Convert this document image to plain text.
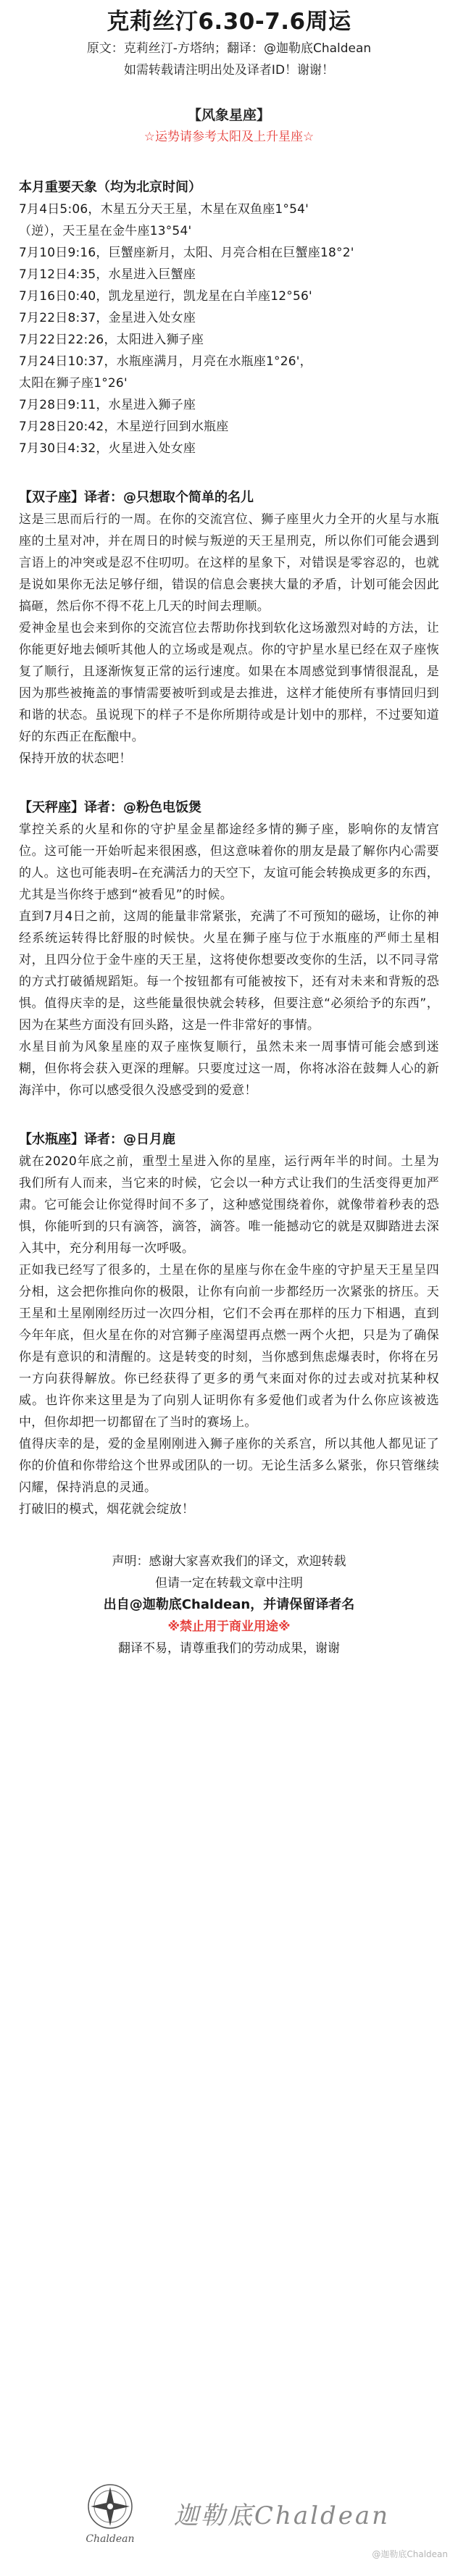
克莉丝汀6.30-7.6周运
原文：克莉丝汀-方塔纳；翻译：@迦勒底Chaldean
如需转载请注明出处及译者ID！谢谢！
【风象星座】
☆运势请参考太阳及上升星座☆
本月重要天象（均为北京时间）
7月4日5:06，木星五分天王星，木星在双鱼座1°54'
（逆），天王星在金牛座13°54'
7月10日9:16，巨蟹座新月，太阳、月亮合相在巨蟹座18°2'
7月12日4:35，水星进入巨蟹座
7月16日0:40，凯龙星逆行，凯龙星在白羊座12°56'
7月22日8:37，金星进入处女座
7月22日22:26，太阳进入狮子座
7月24日10:37，水瓶座满月，月亮在水瓶座1°26'，
太阳在狮子座1°26'
7月28日9:11，水星进入狮子座
7月28日20:42，木星逆行回到水瓶座
7月30日4:32，火星进入处女座
【双子座】译者：@只想取个简单的名儿
这是三思而后行的一周。在你的交流宫位、狮子座里火力全开的火星与水瓶座的土星对冲，并在周日的时候与叛逆的天王星刑克，所以你们可能会遇到言语上的冲突或是忍不住叨叨。在这样的星象下，对错误是零容忍的，也就是说如果你无法足够仔细，错误的信息会裹挟大量的矛盾，计划可能会因此搞砸，然后你不得不花上几天的时间去理顺。
爱神金星也会来到你的交流宫位去帮助你找到软化这场激烈对峙的方法，让你能更好地去倾听其他人的立场或是观点。你的守护星水星已经在双子座恢复了顺行，且逐渐恢复正常的运行速度。如果在本周感觉到事情很混乱，是因为那些被掩盖的事情需要被听到或是去推进，这样才能使所有事情回归到和谐的状态。虽说现下的样子不是你所期待或是计划中的那样，不过要知道好的东西正在酝酿中。
保持开放的状态吧！
【天秤座】译者：@粉色电饭煲
掌控关系的火星和你的守护星金星都途经多情的狮子座，影响你的友情宫位。这可能一开始听起来很困惑，但这意味着你的朋友是最了解你内心需要的人。这也可能表明–在充满活力的天空下，友谊可能会转换成更多的东西，尤其是当你终于感到“被看见”的时候。
直到7月4日之前，这周的能量非常紧张，充满了不可预知的磁场，让你的神经系统运转得比舒服的时候快。火星在狮子座与位于水瓶座的严师土星相对，且四分位于金牛座的天王星，这将使你想要改变你的生活，以不同寻常的方式打破循规蹈矩。每一个按钮都有可能被按下，还有对未来和背叛的恐惧。值得庆幸的是，这些能量很快就会转移，但要注意“必须给予的东西”，因为在某些方面没有回头路，这是一件非常好的事情。
水星目前为风象星座的双子座恢复顺行，虽然未来一周事情可能会感到迷糊，但你将会获入更深的理解。只要度过这一周，你将冰浴在鼓舞人心的新海洋中，你可以感受很久没感受到的爱意！
【水瓶座】译者：@日月鹿
就在2020年底之前，重型土星进入你的星座，运行两年半的时间。土星为我们所有人而来，当它来的时候，它会以一种方式让我们的生活变得更加严肃。它可能会让你觉得时间不多了，这种感觉围绕着你，就像带着秒表的恐惧，你能听到的只有滴答，滴答，滴答。唯一能撼动它的就是双脚踏进去深入其中，充分利用每一次呼吸。
正如我已经写了很多的，土星在你的星座与你在金牛座的守护星天王星呈四分相，这会把你推向你的极限，让你有向前一步都经历一次紧张的挤压。天王星和土星刚刚经历过一次四分相，它们不会再在那样的压力下相遇，直到今年年底，但火星在你的对宫狮子座渴望再点燃一两个火把，只是为了确保你是有意识的和清醒的。这是转变的时刻，当你感到焦虑爆表时，你将在另一方向获得解放。你已经获得了更多的勇气来面对你的过去或对抗某种权威。也许你来这里是为了向别人证明你有多爱他们或者为什么你应该被选中，但你却把一切都留在了当时的赛场上。
值得庆幸的是，爱的金星刚刚进入狮子座你的关系宫，所以其他人都见证了你的价值和你带给这个世界或团队的一切。无论生活多么紧张，你只管继续闪耀，保持消息的灵通。
打破旧的模式，烟花就会绽放！
声明：感谢大家喜欢我们的译文，欢迎转载
但请一定在转载文章中注明
出自@迦勒底Chaldean，并请保留译者名
※禁止用于商业用途※
翻译不易，请尊重我们的劳动成果，谢谢
Chaldean
迦勒底Chaldean
@迦勒底Chaldean
